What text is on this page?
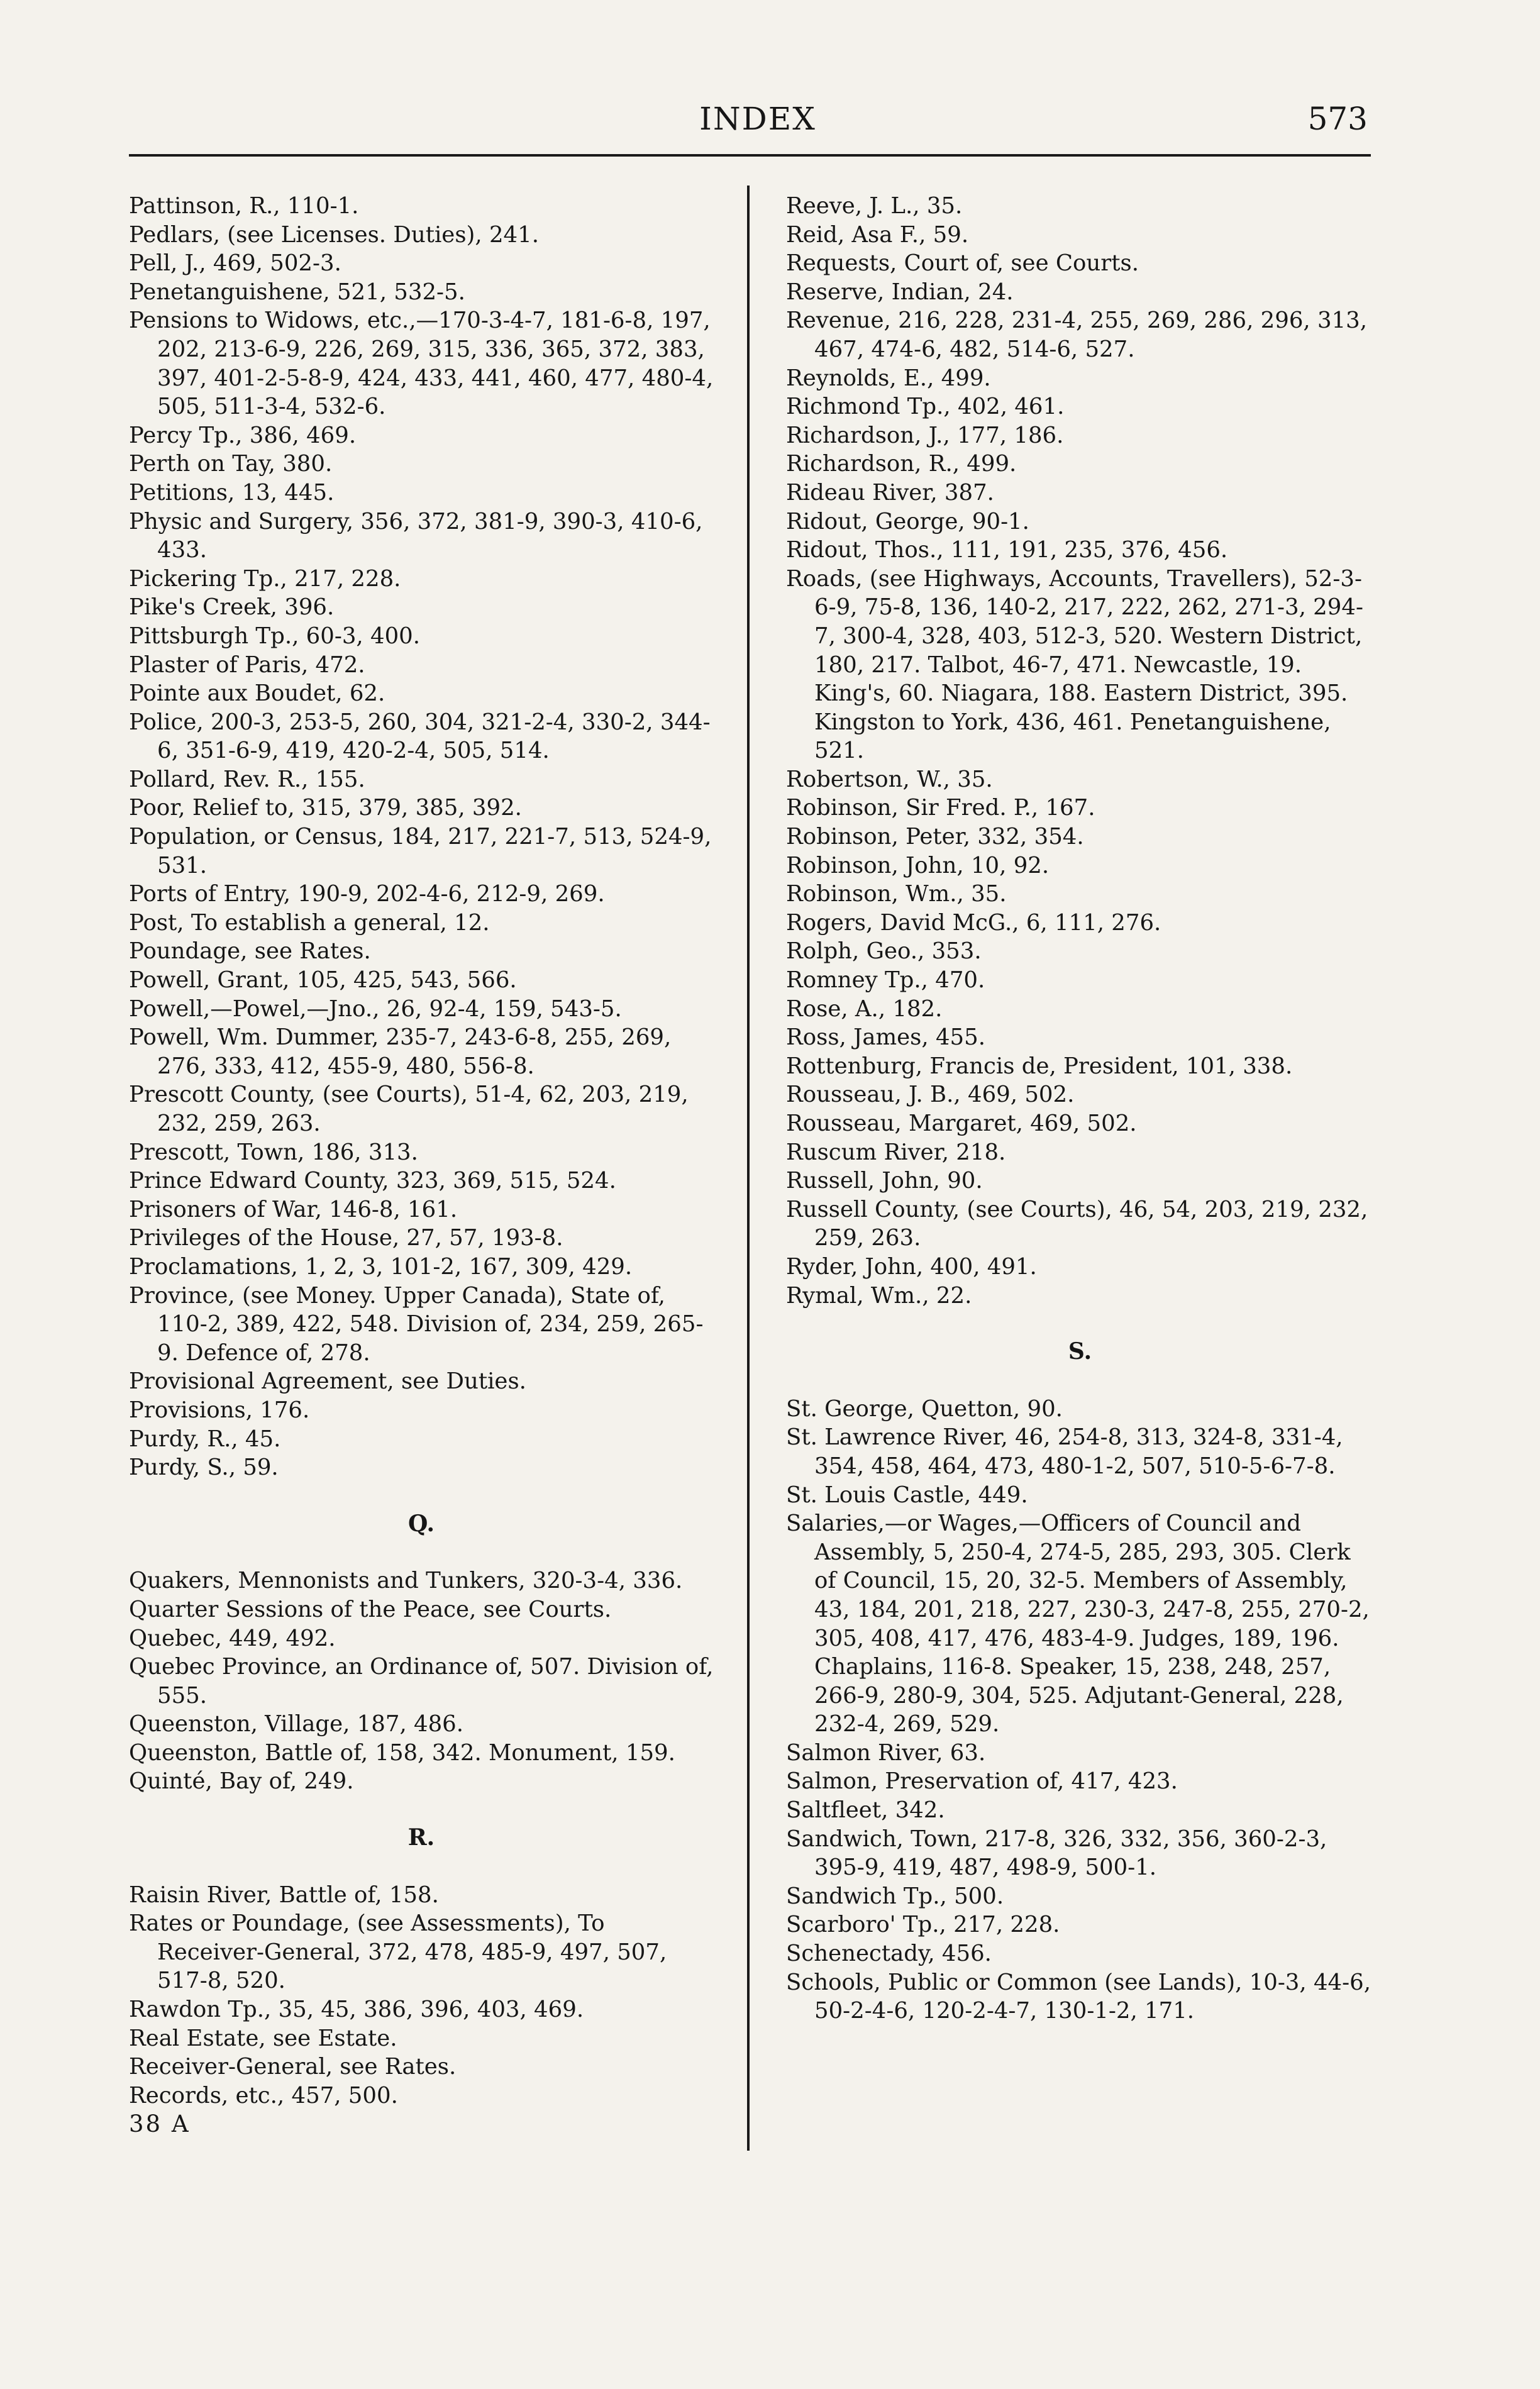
INDEX	573
Pattinson, R., 110-1.
Pedlars, (see Licenses. Duties), 241.
Pell, J., 469, 502-3.
Penetanguishene, 521, 532-5.
Pensions to Widows, etc.,—170-3-4-7, 181-6-8, 197, 202, 213-6-9, 226, 269, 315, 336, 365, 372, 383, 397, 401-2-5-8-9, 424, 433, 441, 460, 477, 480-4, 505, 511-3-4, 532-6.
Percy Tp., 386, 469.
Perth on Tay, 380.
Petitions, 13, 445.
Physic and Surgery, 356, 372, 381-9, 390-3, 410-6, 433.
Pickering Tp., 217, 228.
Pike's Creek, 396.
Pittsburgh Tp., 60-3, 400.
Plaster of Paris, 472.
Pointe aux Boudet, 62.
Police, 200-3, 253-5, 260, 304, 321-2-4, 330-2, 344-6, 351-6-9, 419, 420-2-4, 505, 514.
Pollard, Rev. R., 155.
Poor, Relief to, 315, 379, 385, 392.
Population, or Census, 184, 217, 221-7, 513, 524-9, 531.
Ports of Entry, 190-9, 202-4-6, 212-9, 269.
Post, To establish a general, 12.
Poundage, see Rates.
Powell, Grant, 105, 425, 543, 566.
Powell,—Powel,—Jno., 26, 92-4, 159, 543-5.
Powell, Wm. Dummer, 235-7, 243-6-8, 255, 269, 276, 333, 412, 455-9, 480, 556-8.
Prescott County, (see Courts), 51-4, 62, 203, 219, 232, 259, 263.
Prescott, Town, 186, 313.
Prince Edward County, 323, 369, 515, 524.
Prisoners of War, 146-8, 161.
Privileges of the House, 27, 57, 193-8.
Proclamations, 1, 2, 3, 101-2, 167, 309, 429.
Province, (see Money. Upper Canada), State of, 110-2, 389, 422, 548. Division of, 234, 259, 265-9. Defence of, 278.
Provisional Agreement, see Duties.
Provisions, 176.
Purdy, R., 45.
Purdy, S., 59.
Q.
Quakers, Mennonists and Tunkers, 320-3-4, 336.
Quarter Sessions of the Peace, see Courts.
Quebec, 449, 492.
Quebec Province, an Ordinance of, 507. Division of, 555.
Queenston, Village, 187, 486.
Queenston, Battle of, 158, 342. Monument, 159.
Quinté, Bay of, 249.
R.
Raisin River, Battle of, 158.
Rates or Poundage, (see Assessments), To Receiver-General, 372, 478, 485-9, 497, 507, 517-8, 520.
Rawdon Tp., 35, 45, 386, 396, 403, 469.
Real Estate, see Estate.
Receiver-General, see Rates.
Records, etc., 457, 500.
38 A
Reeve, J. L., 35.
Reid, Asa F., 59.
Requests, Court of, see Courts.
Reserve, Indian, 24.
Revenue, 216, 228, 231-4, 255, 269, 286, 296, 313, 467, 474-6, 482, 514-6, 527.
Reynolds, E., 499.
Richmond Tp., 402, 461.
Richardson, J., 177, 186.
Richardson, R., 499.
Rideau River, 387.
Ridout, George, 90-1.
Ridout, Thos., 111, 191, 235, 376, 456.
Roads, (see Highways, Accounts, Travellers), 52-3-6-9, 75-8, 136, 140-2, 217, 222, 262, 271-3, 294-7, 300-4, 328, 403, 512-3, 520. Western District, 180, 217. Talbot, 46-7, 471. Newcastle, 19. King's, 60. Niagara, 188. Eastern District, 395. Kingston to York, 436, 461. Penetanguishene, 521.
Robertson, W., 35.
Robinson, Sir Fred. P., 167.
Robinson, Peter, 332, 354.
Robinson, John, 10, 92.
Robinson, Wm., 35.
Rogers, David McG., 6, 111, 276.
Rolph, Geo., 353.
Romney Tp., 470.
Rose, A., 182.
Ross, James, 455.
Rottenburg, Francis de, President, 101, 338.
Rousseau, J. B., 469, 502.
Rousseau, Margaret, 469, 502.
Ruscum River, 218.
Russell, John, 90.
Russell County, (see Courts), 46, 54, 203, 219, 232, 259, 263.
Ryder, John, 400, 491.
Rymal, Wm., 22.
S.
St. George, Quetton, 90.
St. Lawrence River, 46, 254-8, 313, 324-8, 331-4, 354, 458, 464, 473, 480-1-2, 507, 510-5-6-7-8.
St. Louis Castle, 449.
Salaries,—or Wages,—Officers of Council and Assembly, 5, 250-4, 274-5, 285, 293, 305. Clerk of Council, 15, 20, 32-5. Members of Assembly, 43, 184, 201, 218, 227, 230-3, 247-8, 255, 270-2, 305, 408, 417, 476, 483-4-9. Judges, 189, 196. Chaplains, 116-8. Speaker, 15, 238, 248, 257, 266-9, 280-9, 304, 525. Adjutant-General, 228, 232-4, 269, 529.
Salmon River, 63.
Salmon, Preservation of, 417, 423.
Saltfleet, 342.
Sandwich, Town, 217-8, 326, 332, 356, 360-2-3, 395-9, 419, 487, 498-9, 500-1.
Sandwich Tp., 500.
Scarboro' Tp., 217, 228.
Schenectady, 456.
Schools, Public or Common (see Lands), 10-3, 44-6, 50-2-4-6, 120-2-4-7, 130-1-2, 171.
